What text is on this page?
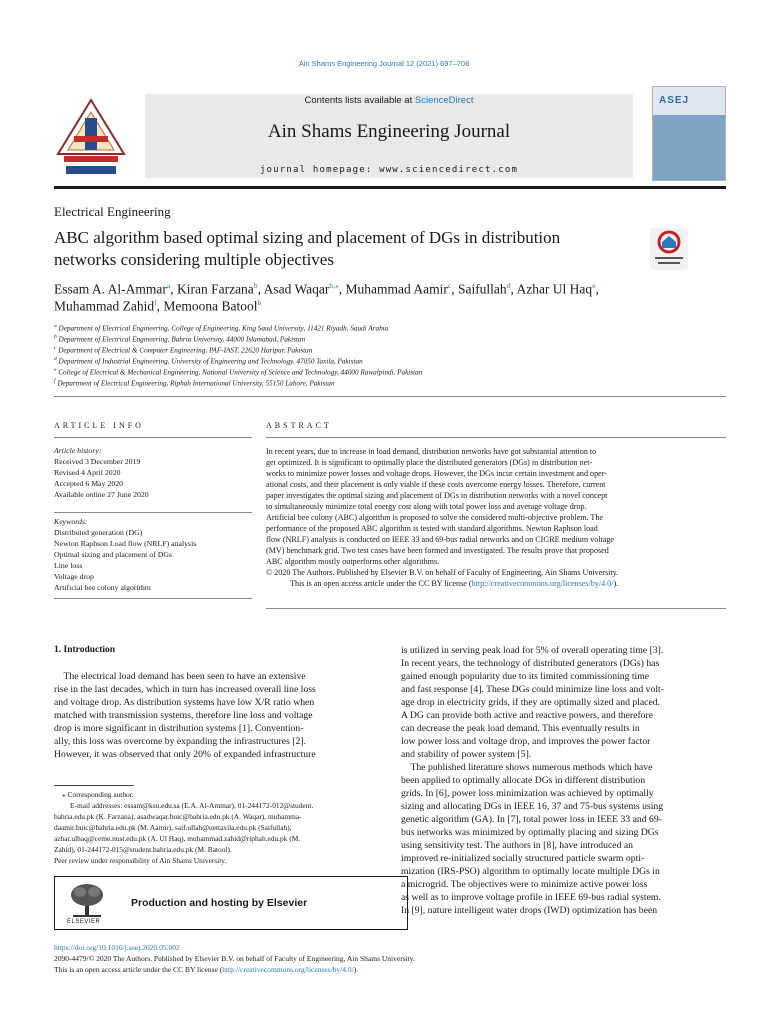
Ain Shams Engineering Journal 12 (2021) 697–708
Contents lists available at ScienceDirect
Ain Shams Engineering Journal
journal homepage: www.sciencedirect.com
ASEJ
Electrical Engineering
ABC algorithm based optimal sizing and placement of DGs in distribution
networks considering multiple objectives
Essam A. Al-Ammar$^a$, Kiran Farzana$^b$, Asad Waqar$^{b,⁎}$, Muhammad Aamir$^c$, Saifullah$^d$, Azhar Ul Haq$^e$,
Muhammad Zahid$^f$, Memoona Batool$^b$
$^a$ Department of Electrical Engineering, College of Engineering, King Saud University, 11421 Riyadh, Saudi Arabia
$^b$ Department of Electrical Engineering, Bahria University, 44000 Islamabad, Pakistan
$^c$ Department of Electrical & Computer Engineering, PAF-IAST, 22620 Haripur, Pakistan
$^d$ Department of Industrial Engineering, University of Engineering and Technology, 47050 Taxila, Pakistan
$^e$ College of Electrical & Mechanical Engineering, National University of Science and Technology, 44000 Rawalpindi, Pakistan
$^f$ Department of Electrical Engineering, Riphah International University, 55150 Lahore, Pakistan
ARTICLE INFO	ABSTRACT
Article history:
Received 3 December 2019
Revised 4 April 2020
Accepted 6 May 2020
Available online 27 June 2020
Keywords:
Distributed generation (DG)
Newton Raphson Load flow (NRLF) analysis
Optimal sizing and placement of DGs
Line loss
Voltage drop
Artificial bee colony algorithm
In recent years, due to increase in load demand, distribution networks have got substantial attention to
get optimized. It is significant to optimally place the distributed generators (DGs) in distribution net-
works to minimize power losses and voltage drops. However, the DGs incur certain investment and oper-
ational costs, and their placement is only viable if these costs overcome energy losses. Therefore, current
paper investigates the optimal sizing and placement of DGs in distribution networks with a novel concept
to simultaneously minimize total energy cost along with total power loss and average voltage drop.
Artificial bee colony (ABC) algorithm is proposed to solve the considered multi-objective problem. The
performance of the proposed ABC algorithm is tested with standard algorithms. Newton Raphson load
flow (NRLF) analysis is conducted on IEEE 33 and 69-bus radial networks and on CIGRE medium voltage
(MV) benchmark grid. Two test cases have been formed and investigated. The results prove that proposed
ABC algorithm mostly outperforms other algorithms.
© 2020 The Authors. Published by Elsevier B.V. on behalf of Faculty of Engineering, Ain Shams University.
This is an open access article under the CC BY license (http://creativecommons.org/licenses/by/4.0/).
1. Introduction
The electrical load demand has been seen to have an extensive
rise in the last decades, which in turn has increased overall line loss
and voltage drop. As distribution systems have low X/R ratio when
matched with transmission systems, therefore line loss and voltage
drop is more significant in distribution systems [1]. Convention-
ally, this loss was overcome by expanding the infrastructures [2].
However, it was observed that only 20% of expanded infrastructure
is utilized in serving peak load for 5% of overall operating time [3].
In recent years, the technology of distributed generators (DGs) has
gained enough popularity due to its limited commissioning time
and fast response [4]. These DGs could minimize line loss and volt-
age drop in electricity grids, if they are optimally sized and placed.
A DG can provide both active and reactive powers, and therefore
can decrease the peak load demand. This eventually results in
low power loss and voltage drop, and improves the power factor
and stability of power system [5].
The published literature shows numerous methods which have
been applied to optimally allocate DGs in different distribution
grids. In [6], power loss minimization was achieved by optimally
sizing and allocating DGs in IEEE 16, 37 and 75-bus systems using
genetic algorithm (GA). In [7], total power loss in IEEE 33 and 69-
bus networks was minimized by optimally placing and sizing DGs
using sensitivity test. The authors in [8], have introduced an
improved re-initialized socially structured particle swarm opti-
mization (IRS-PSO) algorithm to optimally locate multiple DGs in
a microgrid. The objectives were to minimize active power loss
as well as to improve voltage profile in IEEE 69-bus radial system.
In [9], nature intelligent water drops (IWD) optimization has been
⁎ Corresponding author.
E-mail addresses: essam@ksu.edu.sa (E.A. Al-Ammar), 01-244172-012@student.
bahria.edu.pk (K. Farzana), asadwaqar.buic@bahria.edu.pk (A. Waqar), muhamma-
daamir.buic@bahria.edu.pk (M. Aamir), saif.ullah@uettaxila.edu.pk (Saifullah),
azhar.ulhaq@ceme.nust.edu.pk (A. Ul Haq), muhammad.zahid@riphah.edu.pk (M.
Zahid), 01-244172-015@student.bahria.edu.pk (M. Batool).
Peer review under responsibility of Ain Shams University.
ELSEVIER
Production and hosting by Elsevier
https://doi.org/10.1016/j.asej.2020.05.002
2090-4479/© 2020 The Authors. Published by Elsevier B.V. on behalf of Faculty of Engineering, Ain Shams University.
This is an open access article under the CC BY license (http://creativecommons.org/licenses/by/4.0/).
